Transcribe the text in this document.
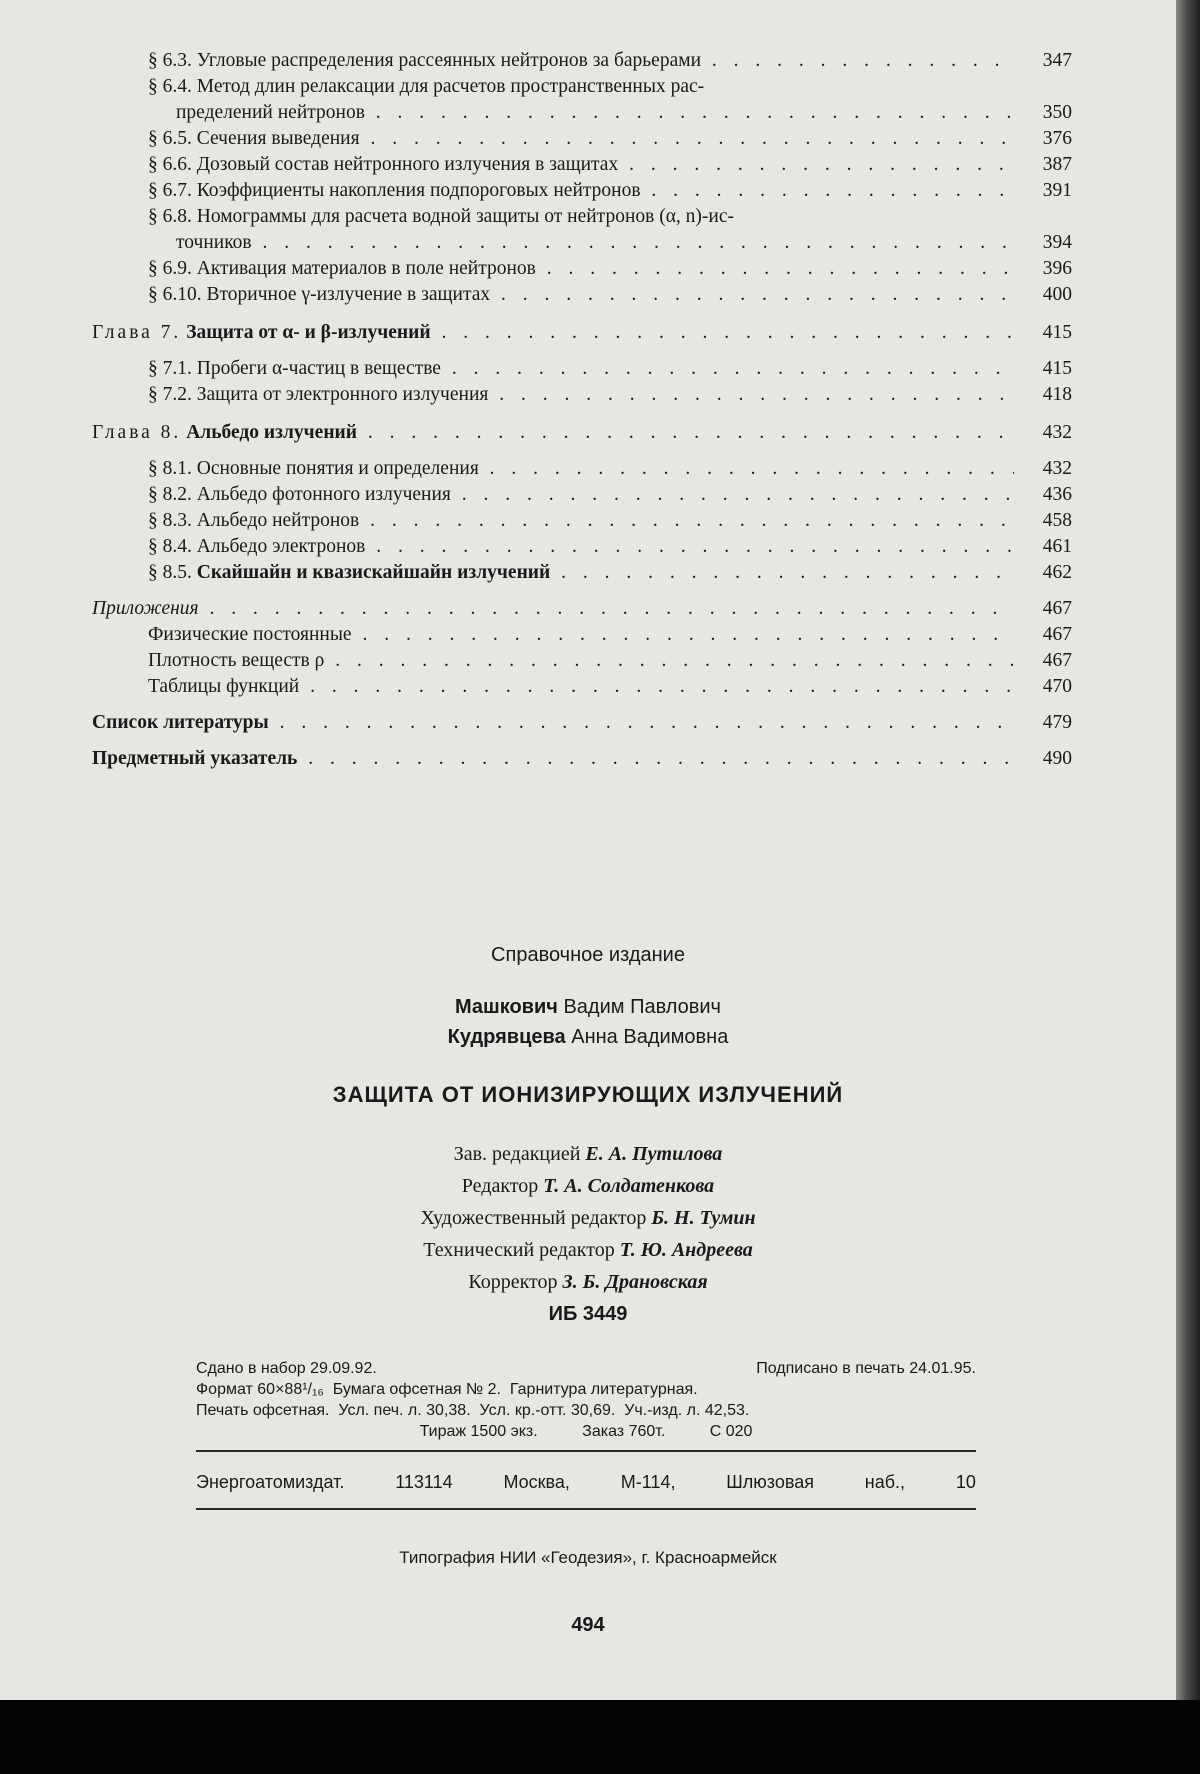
§ 6.3. Угловые распределения рассеянных нейтронов за барьерами . . .	347
§ 6.4. Метод длин релаксации для расчетов пространственных рас-
пределений нейтронов . . .	350
§ 6.5. Сечения выведения . . .	376
§ 6.6. Дозовый состав нейтронного излучения в защитах . . .	387
§ 6.7. Коэффициенты накопления подпороговых нейтронов . . .	391
§ 6.8. Номограммы для расчета водной защиты от нейтронов (α, n)-ис-
точников . . .	394
§ 6.9. Активация материалов в поле нейтронов . . .	396
§ 6.10. Вторичное γ-излучение в защитах . . .	400
Глава 7. Защита от α- и β-излучений . . .	415
§ 7.1. Пробеги α-частиц в веществе . . .	415
§ 7.2. Защита от электронного излучения . . .	418
Глава 8. Альбедо излучений . . .	432
§ 8.1. Основные понятия и определения . . .	432
§ 8.2. Альбедо фотонного излучения . . .	436
§ 8.3. Альбедо нейтронов . . .	458
§ 8.4. Альбедо электронов . . .	461
§ 8.5. Скайшайн и квазискайшайн излучений . . .	462
Приложения . . .	467
Физические постоянные . . .	467
Плотность веществ ρ . . .	467
Таблицы функций . . .	470
Список литературы . . .	479
Предметный указатель . . .	490
Справочное издание
Машкович Вадим Павлович
Кудрявцева Анна Вадимовна
ЗАЩИТА ОТ ИОНИЗИРУЮЩИХ ИЗЛУЧЕНИЙ
Зав. редакцией Е. А. Путилова
Редактор Т. А. Солдатенкова
Художественный редактор Б. Н. Тумин
Технический редактор Т. Ю. Андреева
Корректор З. Б. Драновская
ИБ 3449
Сдано в набор 29.09.92.	Подписано в печать 24.01.95.
Формат 60×88¹/₁₆  Бумага офсетная № 2.  Гарнитура литературная.
Печать офсетная.  Усл. печ. л. 30,38.  Усл. кр.-отт. 30,69.  Уч.-изд. л. 42,53.
Тираж 1500 экз.	Заказ 760т.	С 020
Энергоатомиздат.	113114	Москва,	М-114,	Шлюзовая	наб.,	10
Типография НИИ «Геодезия», г. Красноармейск
494
